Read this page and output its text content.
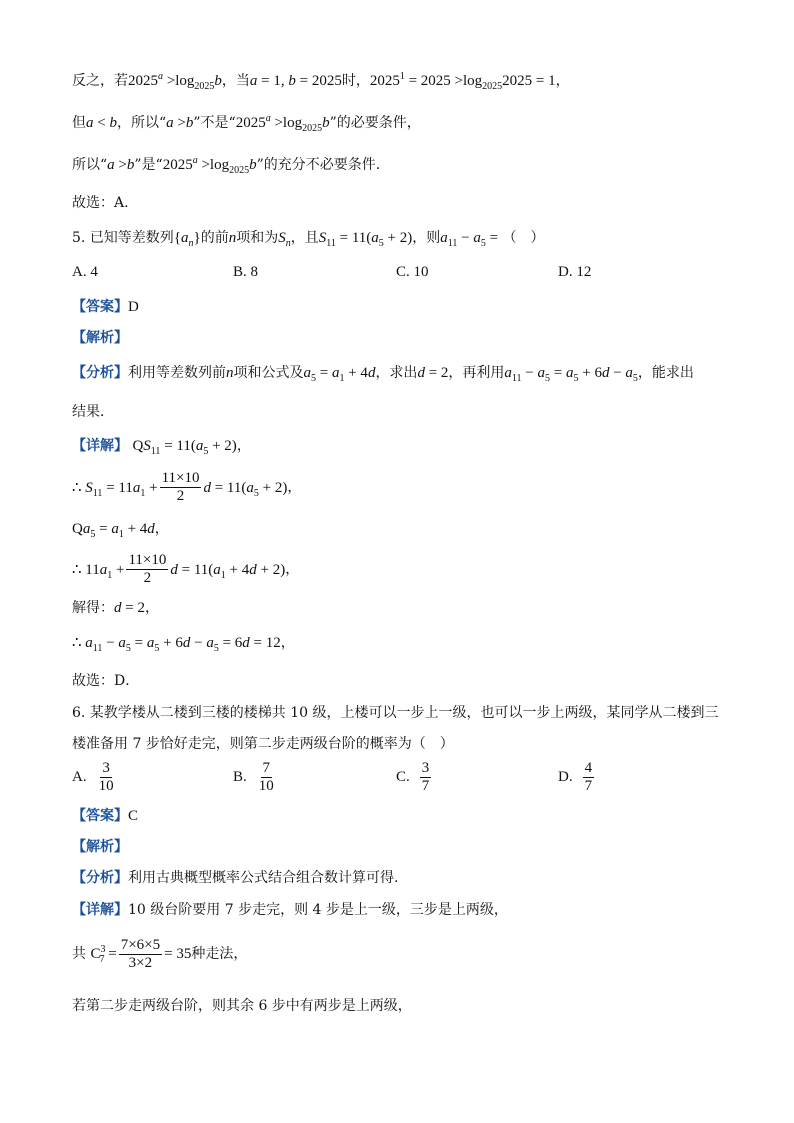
反之，若$2025^a >\log_{2025}b$，当a = 1, b = 2025时，$2025^1 = 2025 >\log_{2025}2025 = 1$，
但a < b，所以“a >b”不是“$2025^a >\log_{2025}b$”的必要条件，
所以“a >b”是“$2025^a >\log_{2025}b$”的充分不必要条件.
故选：A.
5. 已知等差数列$\{a_n\}$的前n项和为$S_n$，且$S_{11} = 11(a_5 + 2)$，则$a_{11} - a_5$ = （　）
A. 4	B. 8	C. 10	D. 12
【答案】D
【解析】
【分析】利用等差数列前n项和公式及$a_5 = a_1 + 4d$，求出d = 2，再利用$a_{11} - a_5 = a_5 + 6d - a_5$，能求出
结果．
【详解】 $QS_{11} = 11(a_5 + 2)$，
∴ $S_{11} = 11a_1 + \frac{11\times 10}{2}$ $d = 11(a_5 + 2)$，
$Qa_5 = a_1 + 4d$，
∴ $11a_1 + \frac{11\times 10}{2}$ $d = 11(a_1 + 4d + 2)$，
解得：d = 2，
∴ $a_{11} - a_5 = a_5 + 6d - a_5 = 6d = 12$，
故选：D．
6. 某教学楼从二楼到三楼的楼梯共 10 级，上楼可以一步上一级，也可以一步上两级，某同学从二楼到三
楼准备用 7 步恰好走完，则第二步走两级台阶的概率为（　）
A. $\frac{3}{10}$	B. $\frac{7}{10}$	C. $\frac{3}{7}$	D. $\frac{4}{7}$
【答案】C
【解析】
【分析】利用古典概型概率公式结合组合数计算可得.
【详解】10 级台阶要用 7 步走完，则 4 步是上一级，三步是上两级，
共 $C^3_7 = \frac{7\times 6\times 5}{3\times 2} = 35$种走法，
若第二步走两级台阶，则其余 6 步中有两步是上两级，
